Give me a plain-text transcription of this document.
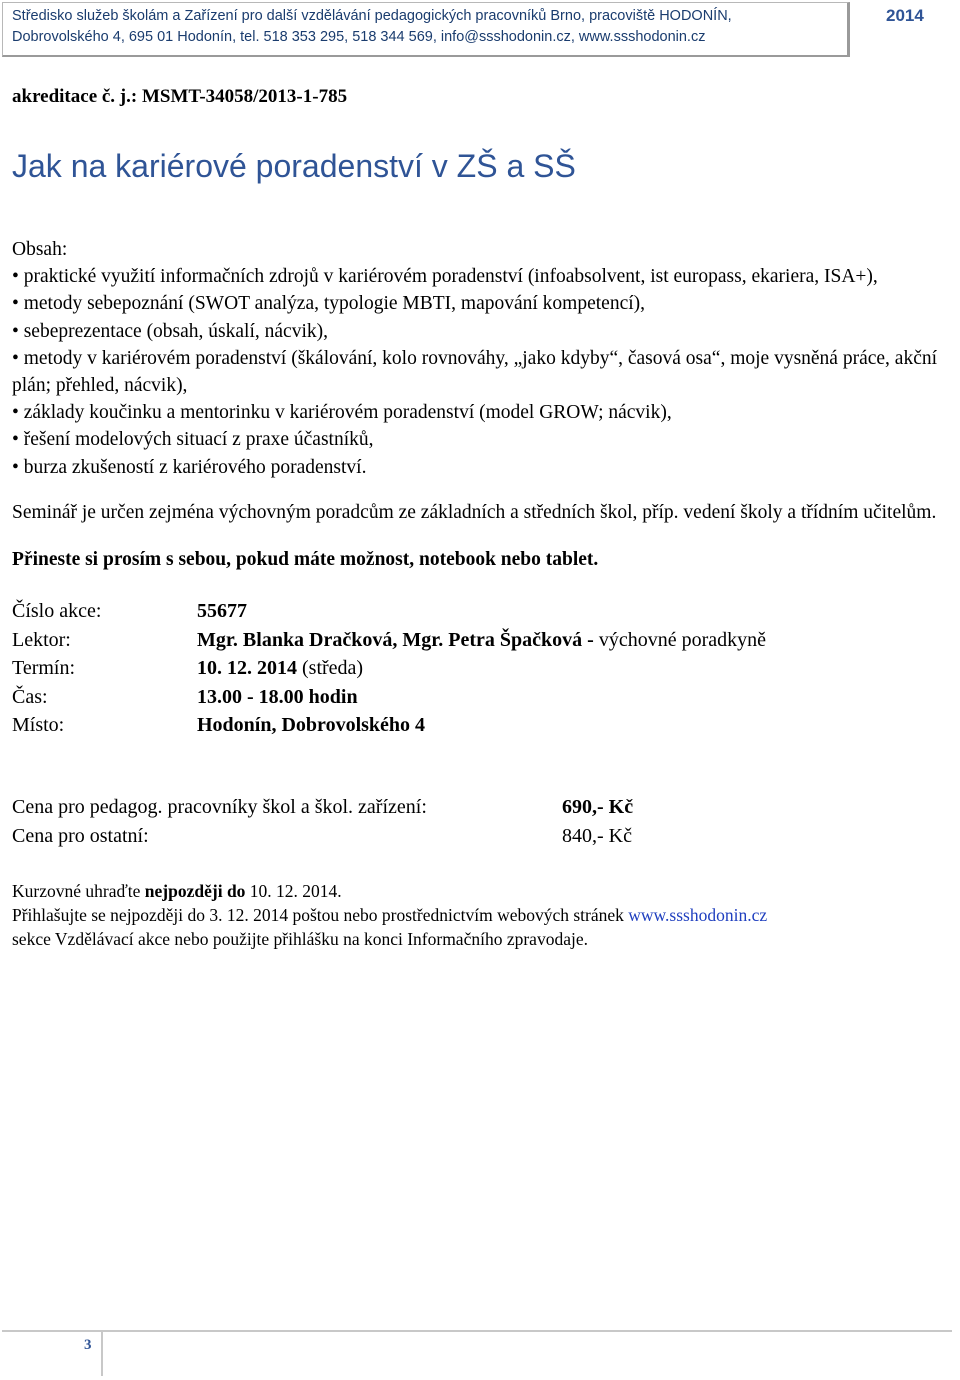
Středisko služeb školám a Zařízení pro další vzdělávání pedagogických pracovníků Brno, pracoviště HODONÍN,
Dobrovolského 4, 695 01 Hodonín, tel. 518 353 295, 518 344 569, info@ssshodonin.cz, www.ssshodonin.cz
2014
akreditace č. j.: MSMT-34058/2013-1-785
Jak na kariérové poradenství v ZŠ a SŠ

Obsah:

• praktické využití informačních zdrojů v kariérovém poradenství (infoabsolvent, ist europass, ekariera, ISA+),
• metody sebepoznání (SWOT analýza, typologie MBTI, mapování kompetencí),
• sebeprezentace (obsah, úskalí, nácvik),
• metody v kariérovém poradenství (škálování, kolo rovnováhy, „jako kdyby“, časová osa“, moje vysněná práce, akční plán; přehled, nácvik),
• základy koučinku a mentorinku v kariérovém poradenství (model GROW; nácvik),
• řešení modelových situací z praxe účastníků,
• burza zkušeností z kariérového poradenství.

Seminář je určen zejména výchovným poradcům ze základních a středních škol, příp. vedení školy a třídním učitelům.

Přineste si prosím s sebou, pokud máte možnost, notebook nebo tablet.

Číslo akce:	55677
Lektor:	Mgr. Blanka Dračková, Mgr. Petra Špačková - výchovné poradkyně
Termín:	10. 12. 2014 (středa)
Čas:	13.00 - 18.00 hodin
Místo:	Hodonín, Dobrovolského 4
Cena pro pedagog. pracovníky škol a škol. zařízení:	690,- Kč
Cena pro ostatní:	840,- Kč
Kurzovné uhraďte nejpozději do 10. 12. 2014.
Přihlašujte se nejpozději do 3. 12. 2014 poštou nebo prostřednictvím webových stránek www.ssshodonin.cz
sekce Vzdělávací akce nebo použijte přihlášku na konci Informačního zpravodaje.
3
